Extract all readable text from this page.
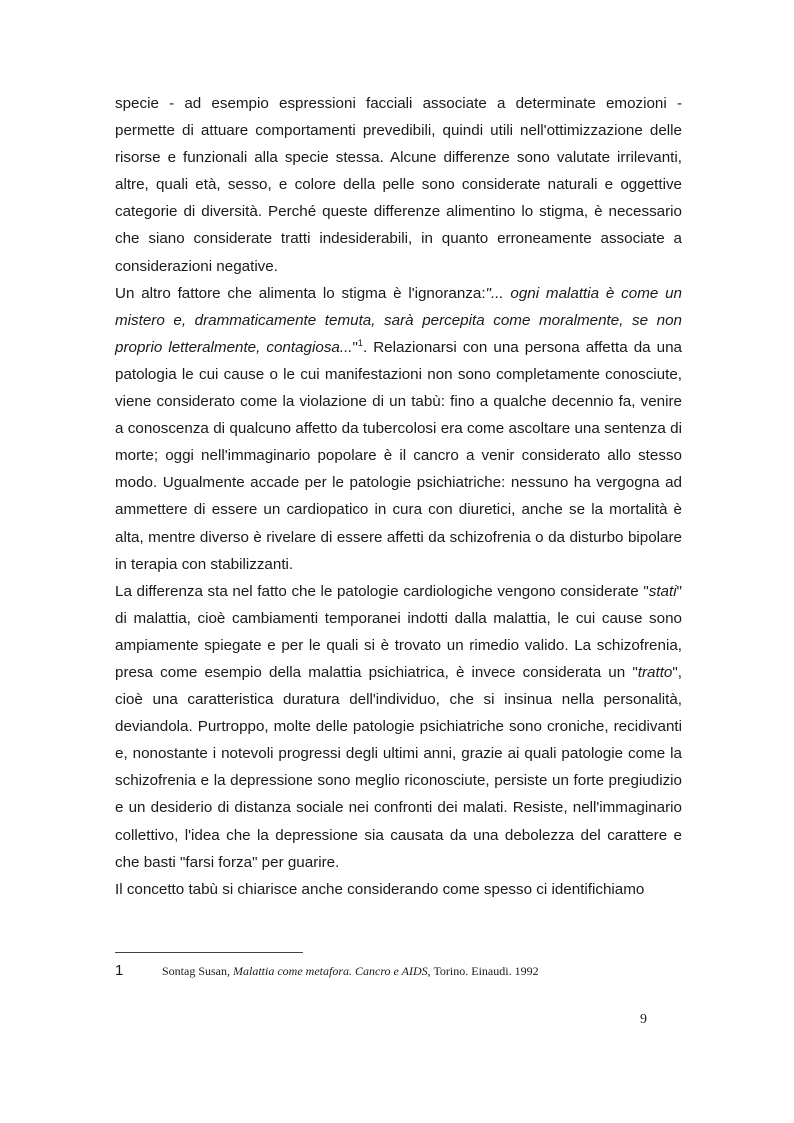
specie - ad esempio espressioni facciali associate a determinate emozioni - permette di attuare comportamenti prevedibili, quindi utili nell'ottimizzazione delle risorse e funzionali alla specie stessa. Alcune differenze sono valutate irrilevanti, altre, quali età, sesso, e colore della pelle sono considerate naturali e oggettive categorie di diversità. Perché queste differenze alimentino lo stigma, è necessario che siano considerate tratti indesiderabili, in quanto erroneamente associate a considerazioni negative.

Un altro fattore che alimenta lo stigma è l'ignoranza:"... ogni malattia è come un mistero e, drammaticamente temuta, sarà percepita come moralmente, se non proprio letteralmente, contagiosa..."$^1$. Relazionarsi con una persona affetta da una patologia le cui cause o le cui manifestazioni non sono completamente conosciute, viene considerato come la violazione di un tabù: fino a qualche decennio fa, venire a conoscenza di qualcuno affetto da tubercolosi era come ascoltare una sentenza di morte; oggi nell'immaginario popolare è il cancro a venir considerato allo stesso modo. Ugualmente accade per le patologie psichiatriche: nessuno ha vergogna ad ammettere di essere un cardiopatico in cura con diuretici, anche se la mortalità è alta, mentre diverso è rivelare di essere affetti da schizofrenia o da disturbo bipolare in terapia con stabilizzanti.

La differenza sta nel fatto che le patologie cardiologiche vengono considerate "stati" di malattia, cioè cambiamenti temporanei indotti dalla malattia, le cui cause sono ampiamente spiegate e per le quali si è trovato un rimedio valido. La schizofrenia, presa come esempio della malattia psichiatrica, è invece considerata un "tratto", cioè una caratteristica duratura dell'individuo, che si insinua nella personalità, deviandola. Purtroppo, molte delle patologie psichiatriche sono croniche, recidivanti e, nonostante i notevoli progressi degli ultimi anni, grazie ai quali patologie come la schizofrenia e la depressione sono meglio riconosciute, persiste un forte pregiudizio e un desiderio di distanza sociale nei confronti dei malati. Resiste, nell'immaginario collettivo, l'idea che la depressione sia causata da una debolezza del carattere e che basti "farsi forza" per guarire.

Il concetto tabù si chiarisce anche considerando come spesso ci identifichiamo

1	Sontag Susan, Malattia come metafora. Cancro e AIDS, Torino. Einaudi. 1992
9
